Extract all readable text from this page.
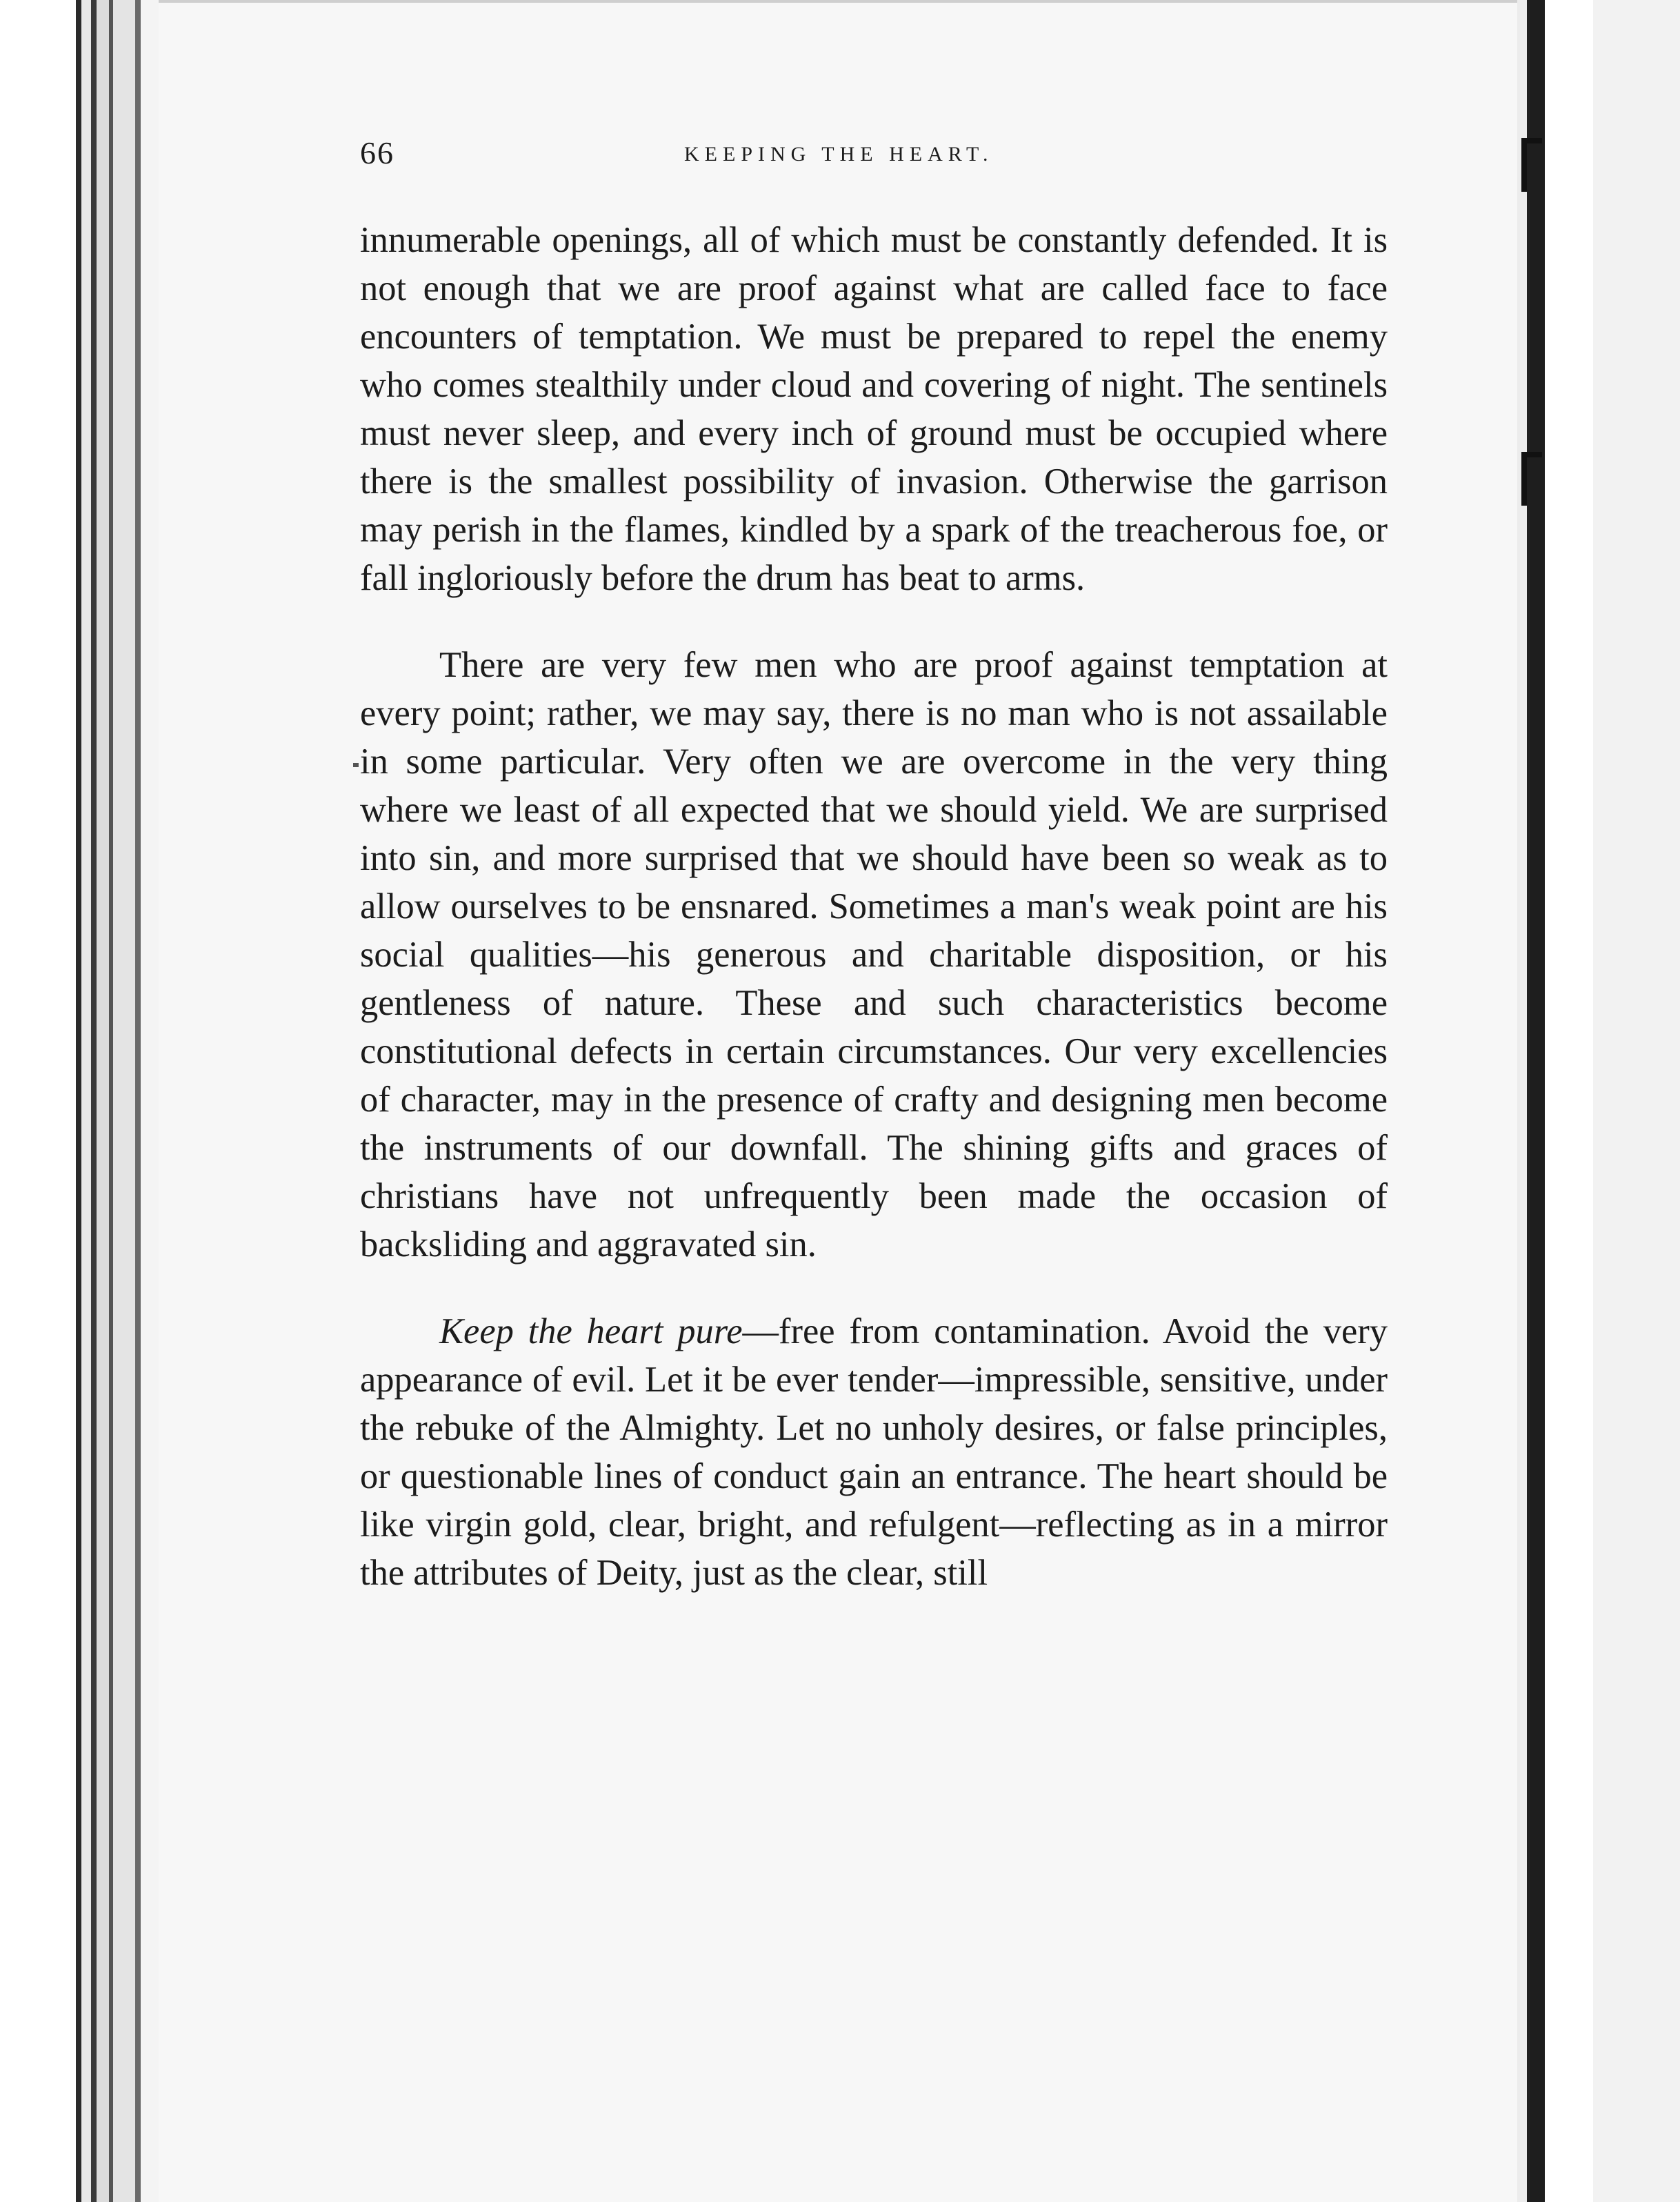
66	KEEPING THE HEART.

innumerable openings, all of which must be constantly defended. It is not enough that we are proof against what are called face to face encounters of temptation. We must be prepared to repel the enemy who comes stealthily under cloud and covering of night. The sentinels must never sleep, and every inch of ground must be occupied where there is the smallest possibility of invasion. Otherwise the garrison may perish in the flames, kindled by a spark of the treacherous foe, or fall ingloriously before the drum has beat to arms.

There are very few men who are proof against temptation at every point; rather, we may say, there is no man who is not assailable in some particular. Very often we are overcome in the very thing where we least of all expected that we should yield. We are surprised into sin, and more surprised that we should have been so weak as to allow ourselves to be ensnared. Sometimes a man's weak point are his social qualities—his generous and charitable disposition, or his gentleness of nature. These and such characteristics become constitutional defects in certain circumstances. Our very excellencies of character, may in the presence of crafty and designing men become the instruments of our downfall. The shining gifts and graces of christians have not unfrequently been made the occasion of backsliding and aggravated sin.

Keep the heart pure—free from contamination. Avoid the very appearance of evil. Let it be ever tender—impressible, sensitive, under the rebuke of the Almighty. Let no unholy desires, or false principles, or questionable lines of conduct gain an entrance. The heart should be like virgin gold, clear, bright, and refulgent—reflecting as in a mirror the attributes of Deity, just as the clear, still
